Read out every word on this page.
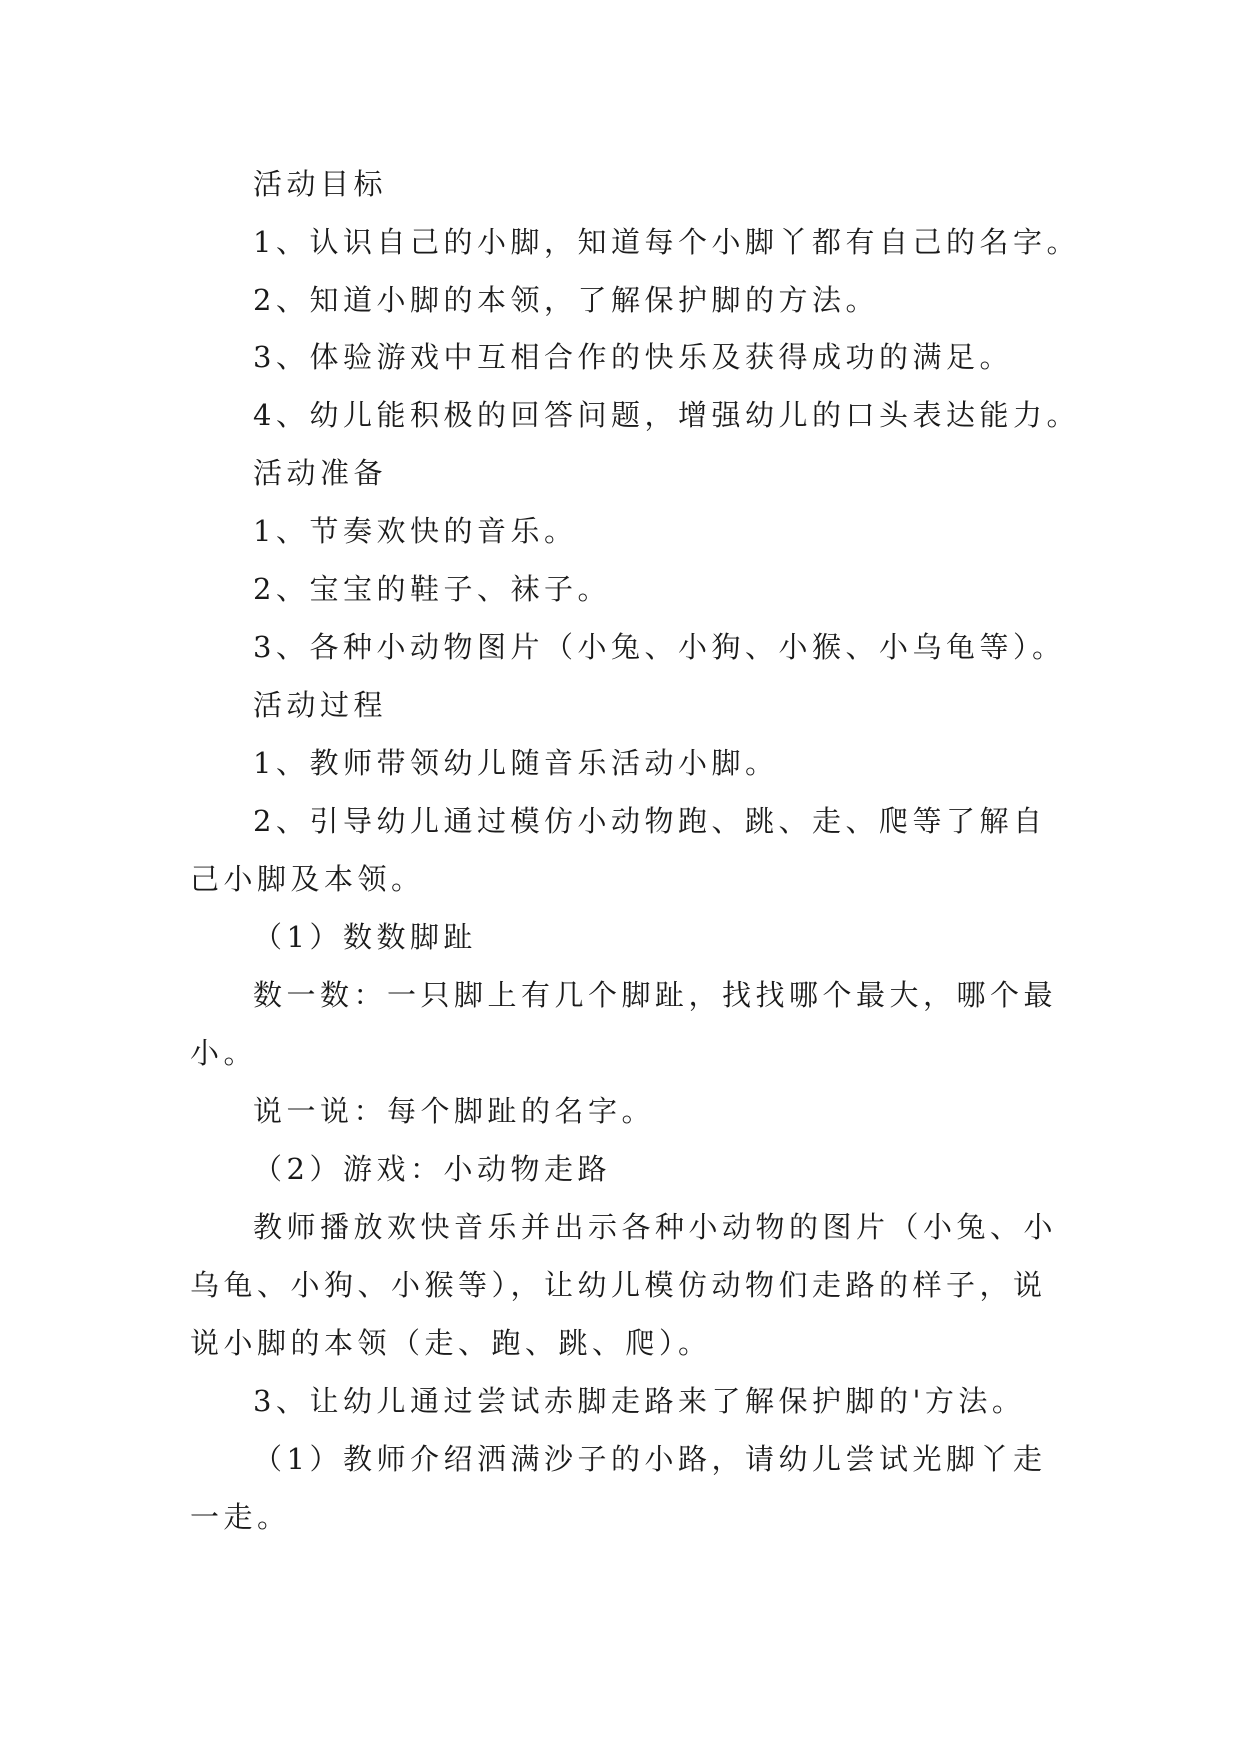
活动目标
1、认识自己的小脚，知道每个小脚丫都有自己的名字。
2、知道小脚的本领，了解保护脚的方法。
3、体验游戏中互相合作的快乐及获得成功的满足。
4、幼儿能积极的回答问题，增强幼儿的口头表达能力。
活动准备
1、节奏欢快的音乐。
2、宝宝的鞋子、袜子。
3、各种小动物图片（小兔、小狗、小猴、小乌龟等）。
活动过程
1、教师带领幼儿随音乐活动小脚。
2、引导幼儿通过模仿小动物跑、跳、走、爬等了解自
己小脚及本领。
（1）数数脚趾
数一数：一只脚上有几个脚趾，找找哪个最大，哪个最
小。
说一说：每个脚趾的名字。
（2）游戏：小动物走路
教师播放欢快音乐并出示各种小动物的图片（小兔、小
乌龟、小狗、小猴等），让幼儿模仿动物们走路的样子，说
说小脚的本领（走、跑、跳、爬）。
3、让幼儿通过尝试赤脚走路来了解保护脚的'方法。
（1）教师介绍洒满沙子的小路，请幼儿尝试光脚丫走
一走。
